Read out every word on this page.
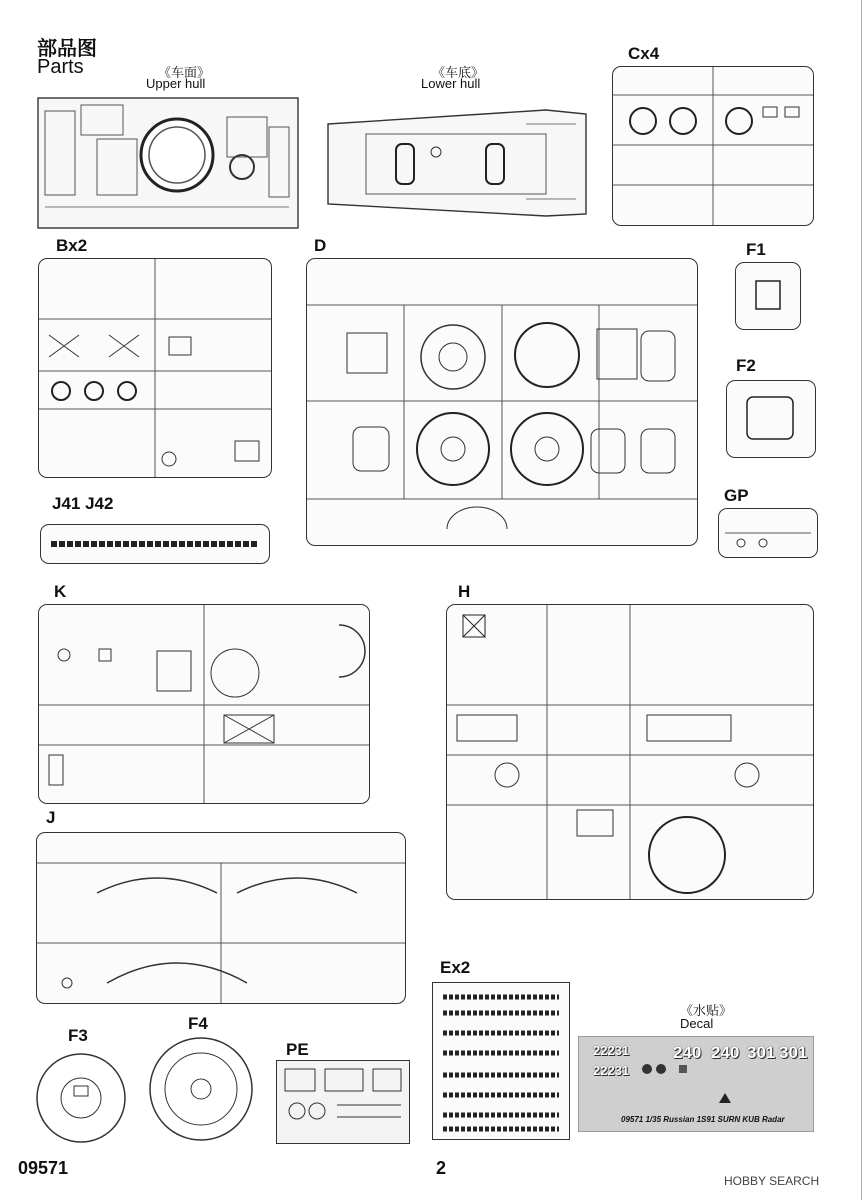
部品图
Parts	《车面》
Upper hull
《车底》
Lower hull
Cx4
Bx2	D	F1
F2
GP
J41 J42
K	H
J
Ex2
F3
F4
PE
《水贴》
Decal
22231	240 240 301 301
22231
09571 1/35 Russian 1S91 SURN KUB Radar
09571	2
HOBBY SEARCH
